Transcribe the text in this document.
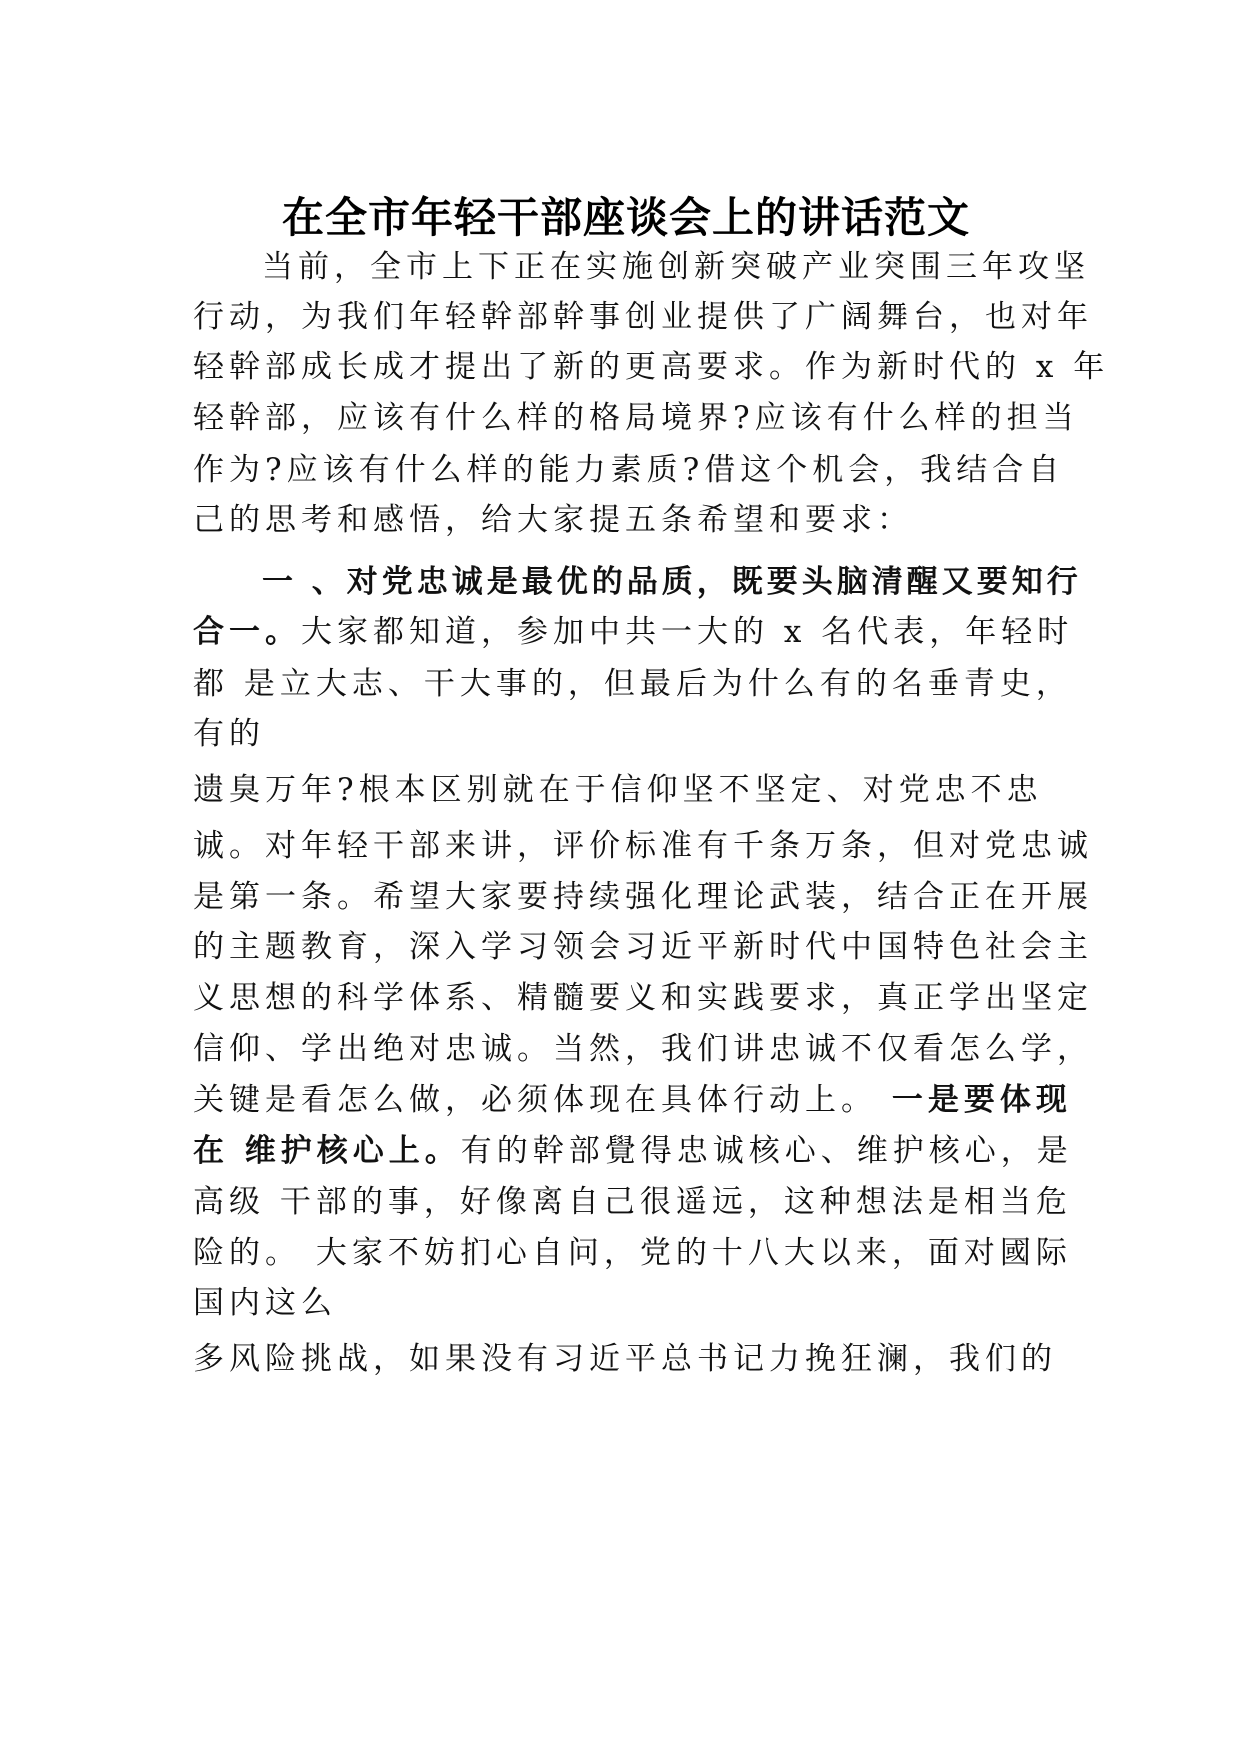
在全市年轻干部座谈会上的讲话范文
当前，全市上下正在实施创新突破产业突围三年攻坚
行动，为我们年轻幹部幹事创业提供了广阔舞台，也对年
轻幹部成长成才提出了新的更高要求。作为新时代的 x 年
轻幹部，应该有什么样的格局境界?应该有什么样的担当
作为?应该有什么样的能力素质?借这个机会，我结合自
己的思考和感悟，给大家提五条希望和要求：
一 、对党忠诚是最优的品质，既要头脑清醒又要知行
合一。大家都知道，参加中共一大的 x 名代表，年轻时
都 是立大志、干大事的，但最后为什么有的名垂青史，
有的
遗臭万年?根本区别就在于信仰坚不坚定、对党忠不忠
诚。对年轻干部来讲，评价标准有千条万条，但对党忠诚
是第一条。希望大家要持续强化理论武装，结合正在开展
的主题教育，深入学习领会习近平新时代中国特色社会主
义思想的科学体系、精髓要义和实践要求，真正学出坚定
信仰、学出绝对忠诚。当然，我们讲忠诚不仅看怎么学，
关键是看怎么做，必须体现在具体行动上。 一是要体现
在 维护核心上。有的幹部覺得忠诚核心、维护核心，是
高级 干部的事，好像离自己很遥远，这种想法是相当危
险的。 大家不妨扪心自问，党的十八大以来，面对國际
国内这么
多风险挑战，如果没有习近平总书记力挽狂澜，我们的
